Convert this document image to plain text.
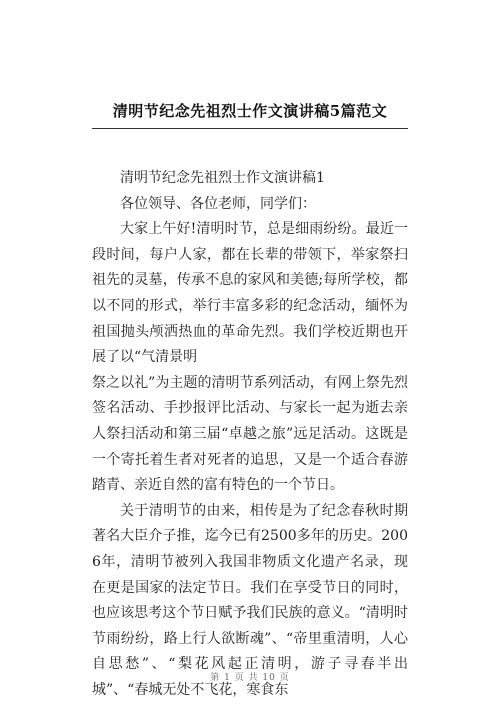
清明节纪念先祖烈士作文演讲稿5篇范文

清明节纪念先祖烈士作文演讲稿1

各位领导、各位老师，同学们：

大家上午好!清明时节，总是细雨纷纷。最近一段时间，每户人家，都在长辈的带领下，举家祭扫祖先的灵墓，传承不息的家风和美德;每所学校，都以不同的形式，举行丰富多彩的纪念活动，缅怀为祖国抛头颅洒热血的革命先烈。我们学校近期也开展了以“气清景明

祭之以礼”为主题的清明节系列活动，有网上祭先烈签名活动、手抄报评比活动、与家长一起为逝去亲人祭扫活动和第三届“卓越之旅”远足活动。这既是一个寄托着生者对死者的追思，又是一个适合春游踏青、亲近自然的富有特色的一个节日。

关于清明节的由来，相传是为了纪念春秋时期著名大臣介子推，迄今已有2500多年的历史。2006年，清明节被列入我国非物质文化遗产名录，现在更是国家的法定节日。我们在享受节日的同时，也应该思考这个节日赋予我们民族的意义。“清明时节雨纷纷，路上行人欲断魂”、“帝里重清明，人心自思愁”、“梨花风起正清明，游子寻春半出城”、“春城无处不飞花，寒食东

第 1 页 共 10 页
